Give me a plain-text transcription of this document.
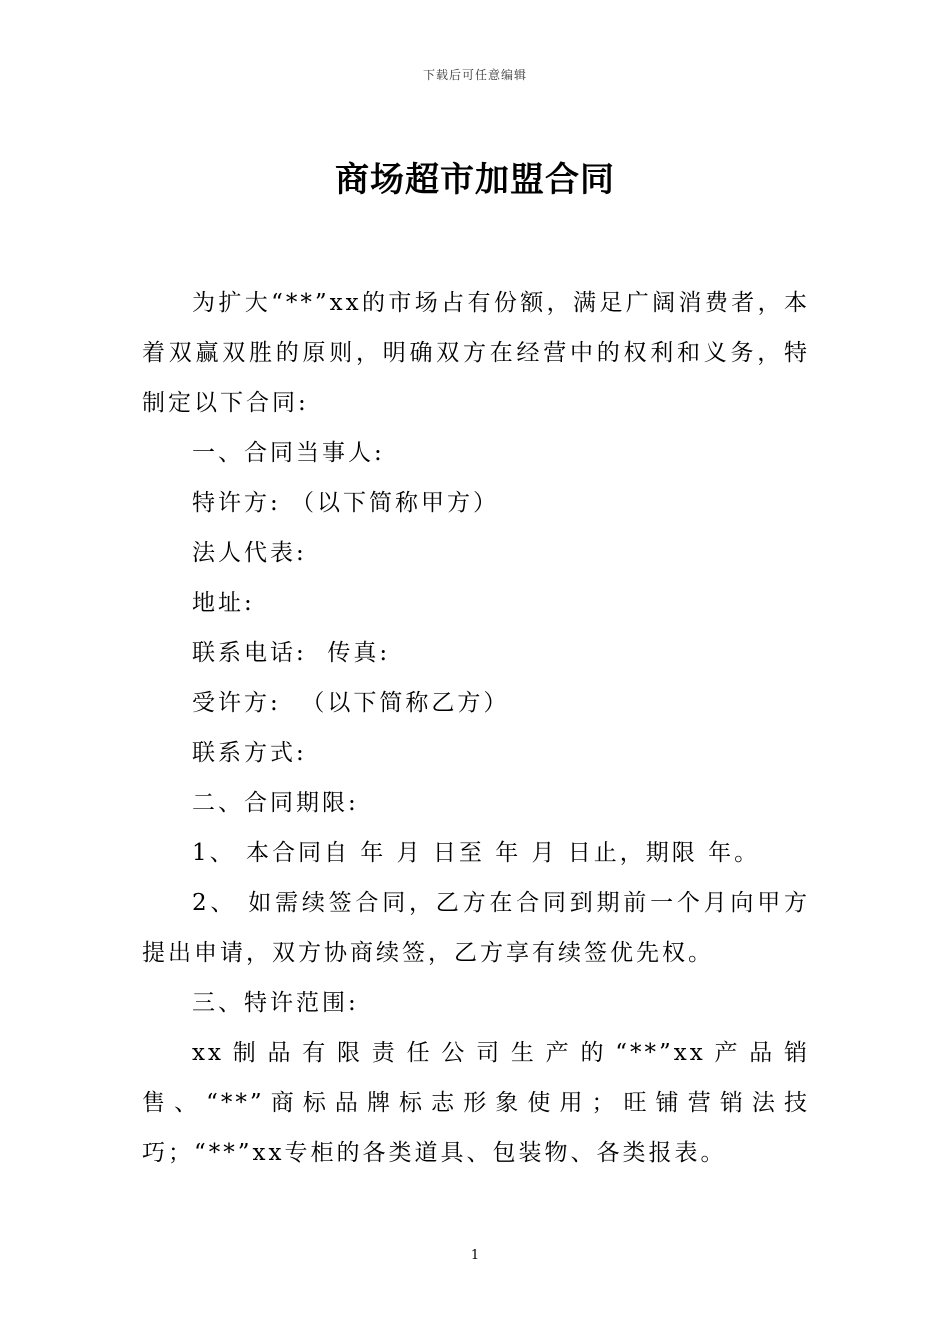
下载后可任意编辑
商场超市加盟合同

为扩大“**”xx的市场占有份额，满足广阔消费者，本着双赢双胜的原则，明确双方在经营中的权利和义务，特制定以下合同:

一、合同当事人:

特许方: （以下简称甲方）

法人代表:

地址:

联系电话:  传真:

受许方:  （以下简称乙方）

联系方式:

二、合同期限:

1、 本合同自 年 月 日至 年 月 日止，期限 年。

2、 如需续签合同，乙方在合同到期前一个月向甲方提出申请，双方协商续签，乙方享有续签优先权。

三、特许范围:

xx制品有限责任公司生产的“**”xx产品销售、“**”商标品牌标志形象使用；旺铺营销法技巧；“**”xx专柜的各类道具、包装物、各类报表。

1
